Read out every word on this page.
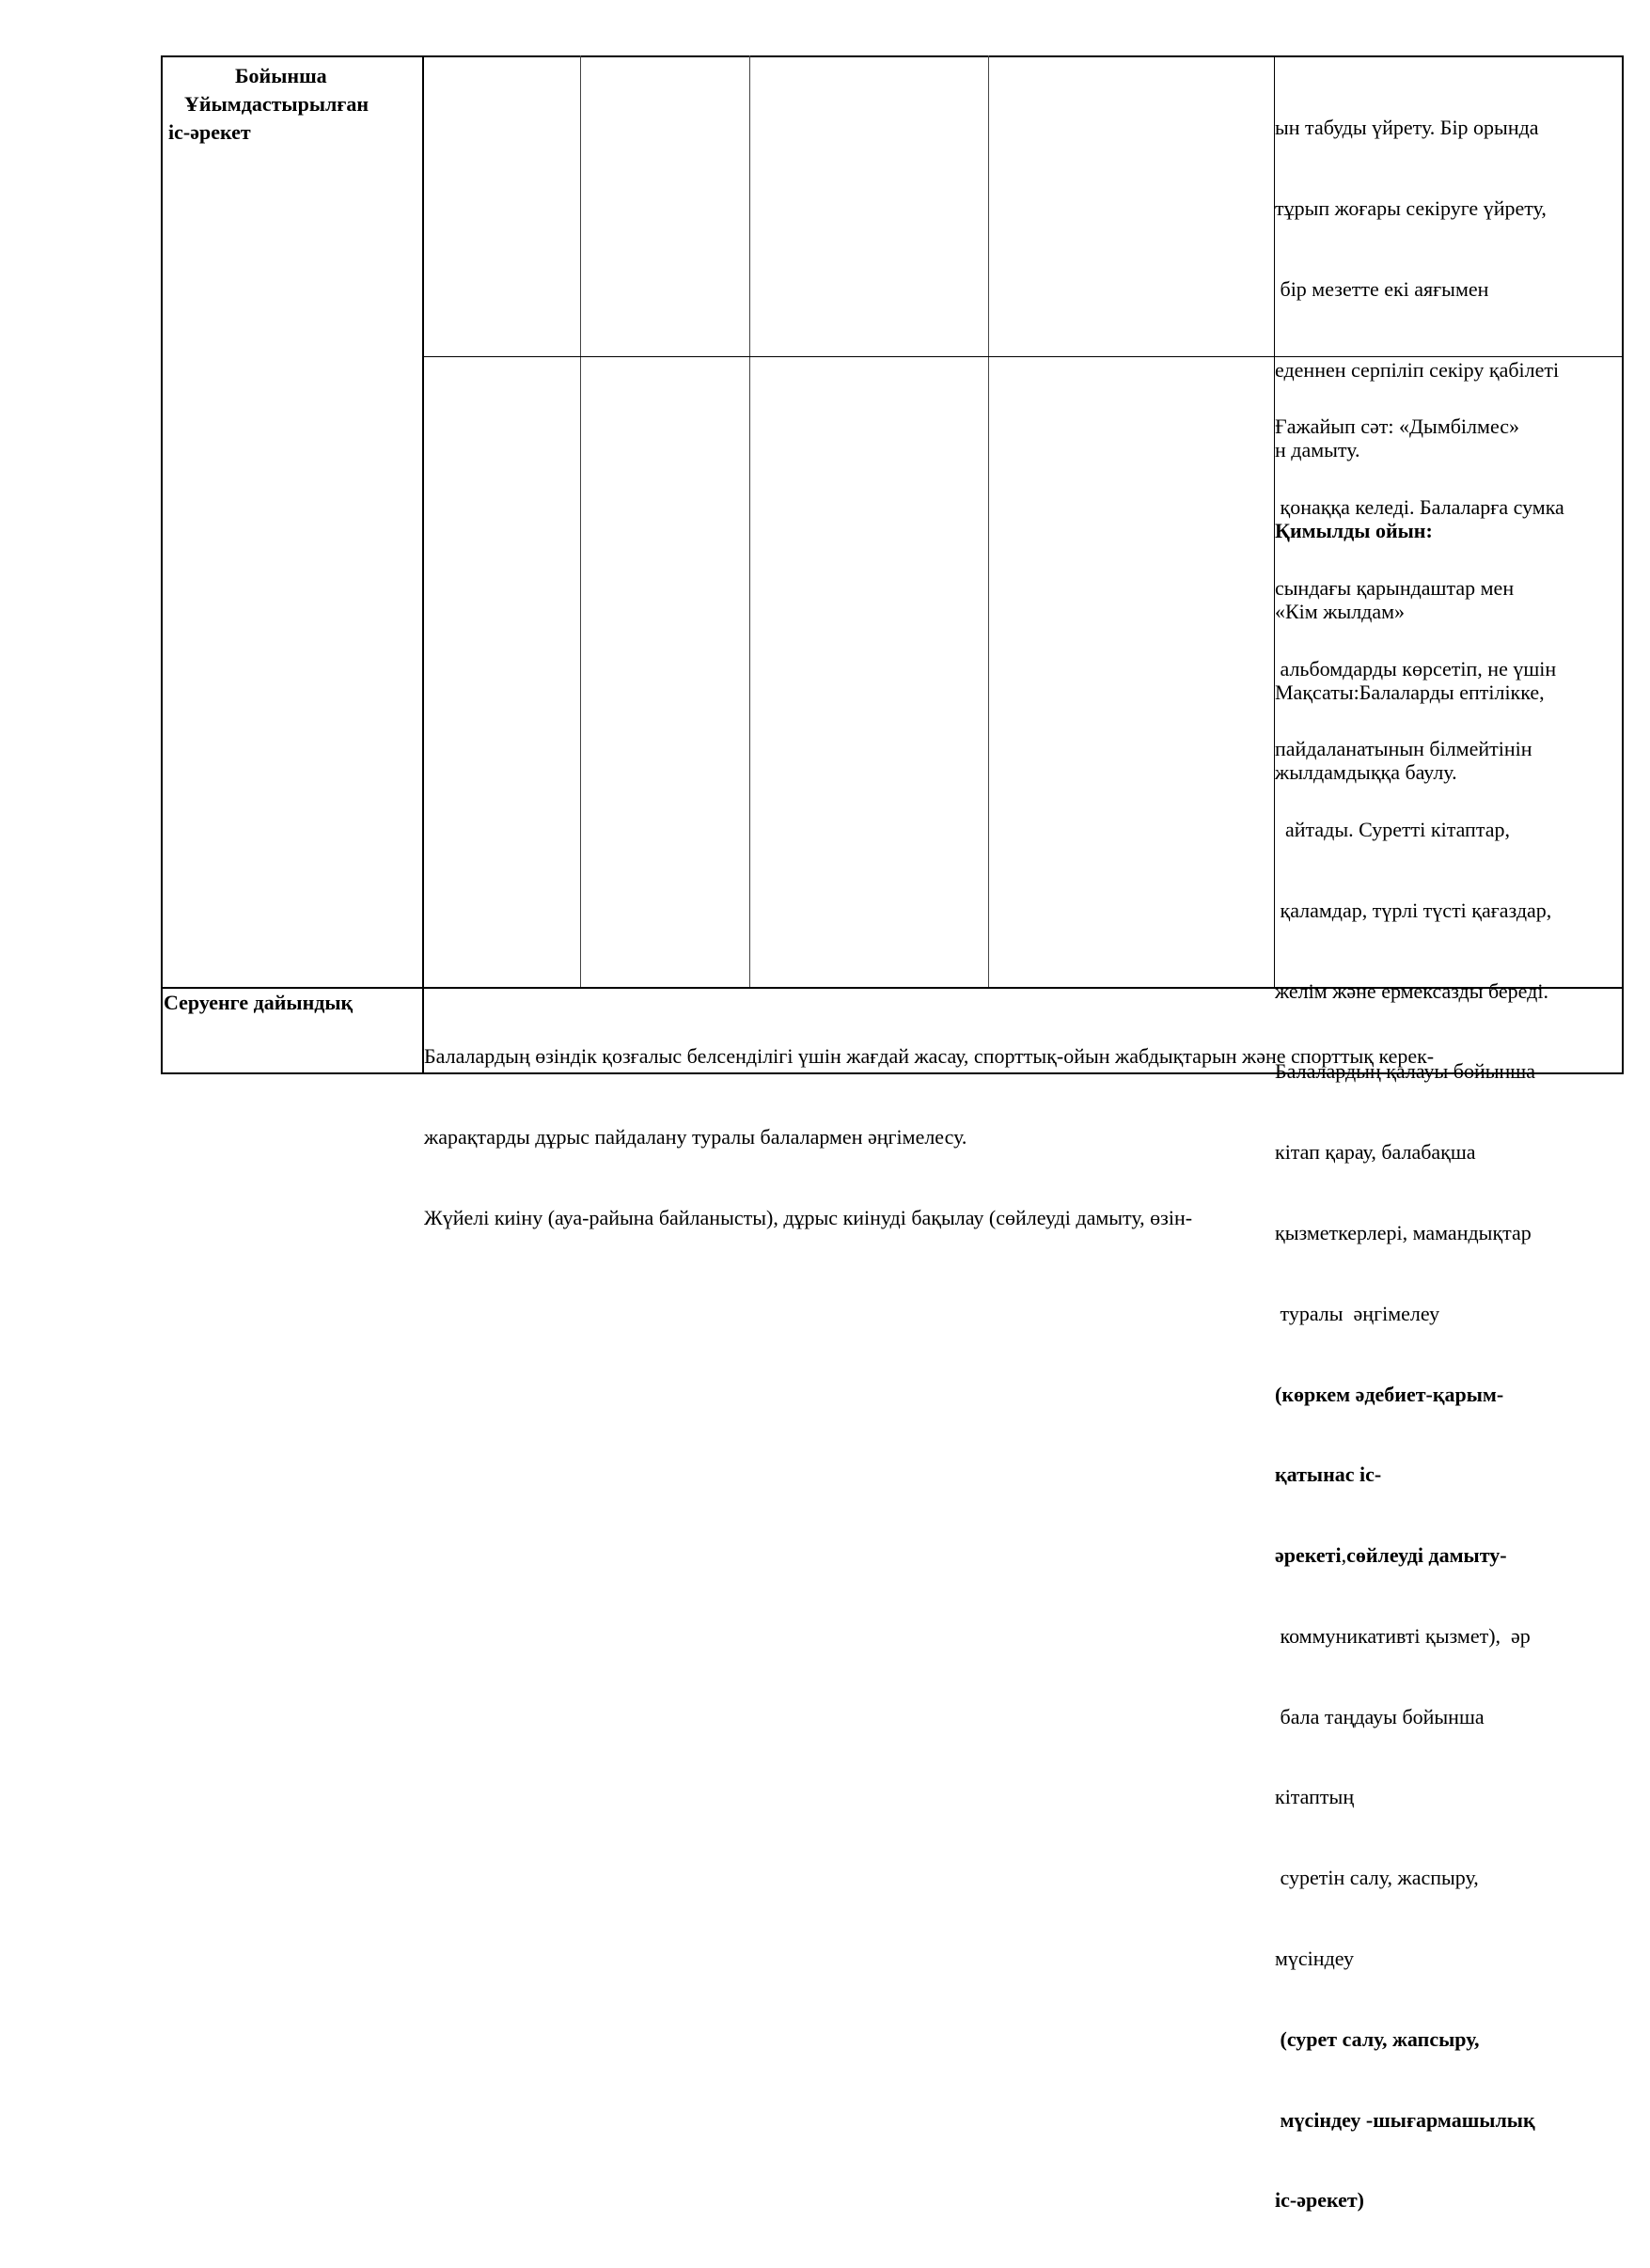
Бойынша
Ұйымдастырылған
іс-әрекет

	ын табуды үйрету. Бір орында

тұрып жоғары секіруге үйрету,

бір мезетте екі аяғымен

еденнен серпіліп секіру қабілеті

н дамыту.

Қимылды ойын:

«Кім жылдам»

Мақсаты:Балаларды ептілікке,

жылдамдыққа баулу.

Ғажайып сәт: «Дымбілмес»

қонаққа келеді. Балаларға сумка

сындағы қарындаштар мен

альбомдарды көрсетіп, не үшін

пайдаланатынын білмейтінін

айтады. Суретті кітаптар,

қаламдар, түрлі түсті қағаздар,

желім және ермексазды береді.

Балалардың қалауы бойынша

кітап қарау, балабақша

қызметкерлері, мамандықтар

туралы  әңгімелеу

(көркем әдебиет-қарым-

қатынас іс-

әрекеті,сөйлеуді дамыту-

коммуникативті қызмет),  әр

бала таңдауы бойынша

кітаптың

суретін салу, жаспыру,

мүсіндеу

(сурет салу, жапсыру,

мүсіндеу -шығармашылық

іс-әрекет)

Серуенге дайындық

Балалардың өзіндік қозғалыс белсенділігі үшін жағдай жасау, спорттық-ойын жабдықтарын және спорттық керек-

жарақтарды дұрыс пайдалану туралы балалармен әңгімелесу.

Жүйелі киіну (ауа-райына байланысты), дұрыс киінуді бақылау (сөйлеуді дамыту, өзін-
